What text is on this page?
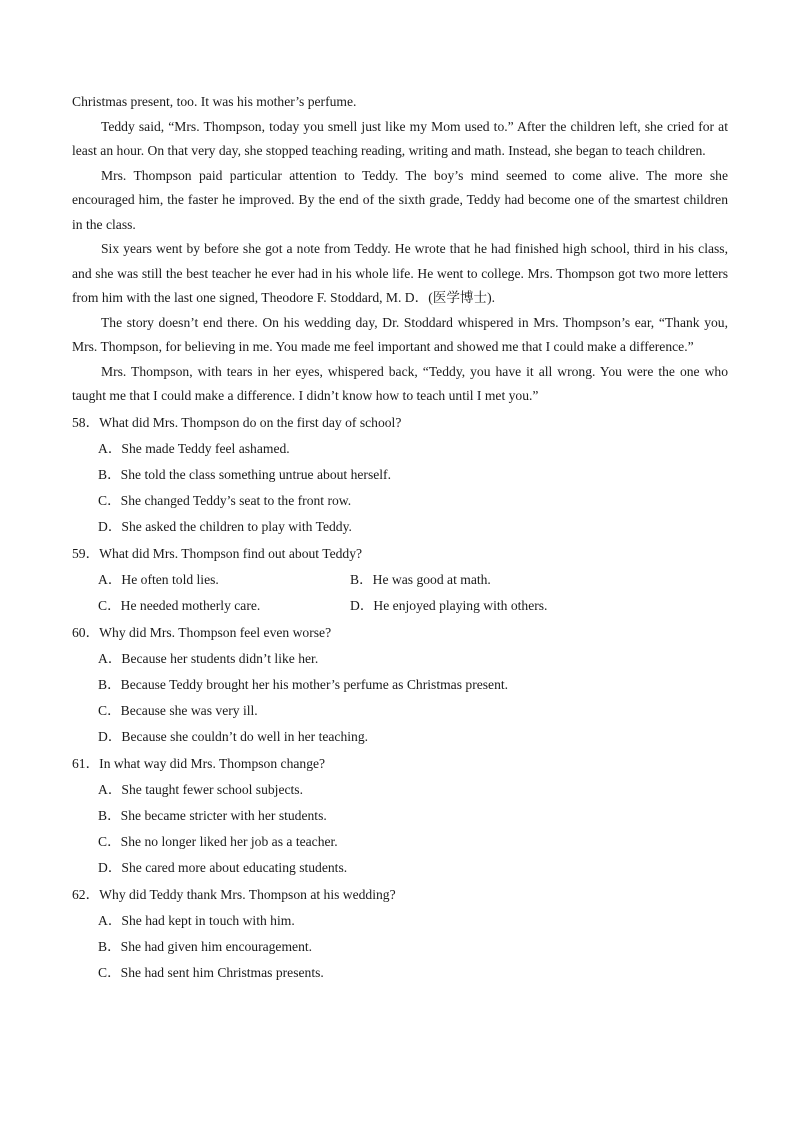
Christmas present, too. It was his mother’s perfume.

Teddy said, “Mrs. Thompson, today you smell just like my Mom used to.” After the children left, she cried for at least an hour. On that very day, she stopped teaching reading, writing and math. Instead, she began to teach children.

Mrs. Thompson paid particular attention to Teddy. The boy’s mind seemed to come alive. The more she encouraged him, the faster he improved. By the end of the sixth grade, Teddy had become one of the smartest children in the class.

Six years went by before she got a note from Teddy. He wrote that he had finished high school, third in his class, and she was still the best teacher he ever had in his whole life. He went to college. Mrs. Thompson got two more letters from him with the last one signed, Theodore F. Stoddard, M. D．(医学博士).

The story doesn’t end there. On his wedding day, Dr. Stoddard whispered in Mrs. Thompson’s ear, “Thank you, Mrs. Thompson, for believing in me. You made me feel important and showed me that I could make a difference.”

Mrs. Thompson, with tears in her eyes, whispered back, “Teddy, you have it all wrong. You were the one who taught me that I could make a difference. I didn’t know how to teach until I met you.”

58．What did Mrs. Thompson do on the first day of school?

A．She made Teddy feel ashamed.
B．She told the class something untrue about herself.
C．She changed Teddy’s seat to the front row.
D．She asked the children to play with Teddy.

59．What did Mrs. Thompson find out about Teddy?

A．He often told lies.	B．He was good at math.
C．He needed motherly care.	D．He enjoyed playing with others.

60．Why did Mrs. Thompson feel even worse?

A．Because her students didn’t like her.
B．Because Teddy brought her his mother’s perfume as Christmas present.
C．Because she was very ill.
D．Because she couldn’t do well in her teaching.

61．In what way did Mrs. Thompson change?

A．She taught fewer school subjects.
B．She became stricter with her students.
C．She no longer liked her job as a teacher.
D．She cared more about educating students.

62．Why did Teddy thank Mrs. Thompson at his wedding?

A．She had kept in touch with him.
B．She had given him encouragement.
C．She had sent him Christmas presents.
